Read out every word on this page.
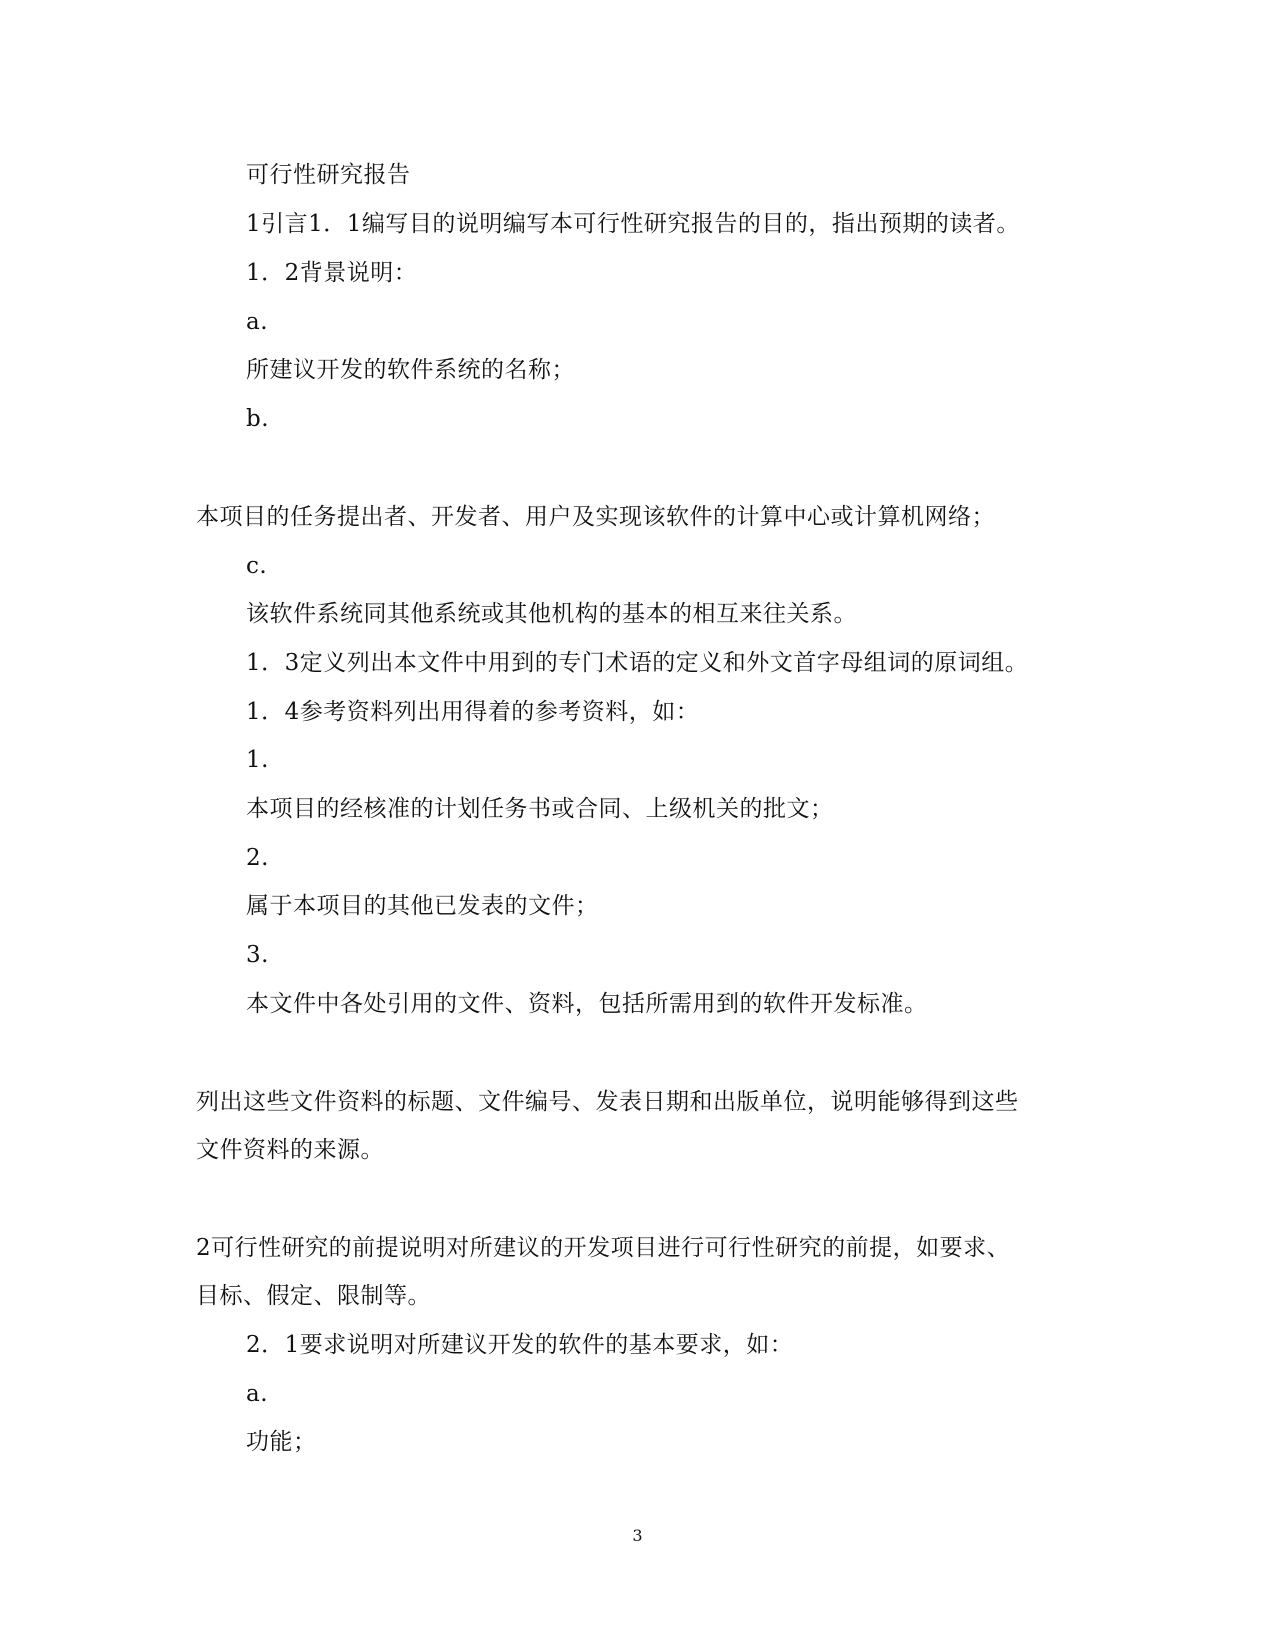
可行性研究报告
1引言1．1编写目的说明编写本可行性研究报告的目的，指出预期的读者。
1．2背景说明：
a.
所建议开发的软件系统的名称；
b.
本项目的任务提出者、开发者、用户及实现该软件的计算中心或计算机网络；
c.
该软件系统同其他系统或其他机构的基本的相互来往关系。
1．3定义列出本文件中用到的专门术语的定义和外文首字母组词的原词组。
1．4参考资料列出用得着的参考资料，如：
1.
本项目的经核准的计划任务书或合同、上级机关的批文；
2.
属于本项目的其他已发表的文件；
3.
本文件中各处引用的文件、资料，包括所需用到的软件开发标准。
列出这些文件资料的标题、文件编号、发表日期和出版单位，说明能够得到这些
文件资料的来源。
2可行性研究的前提说明对所建议的开发项目进行可行性研究的前提，如要求、
目标、假定、限制等。
2．1要求说明对所建议开发的软件的基本要求，如：
a.
功能；
3
